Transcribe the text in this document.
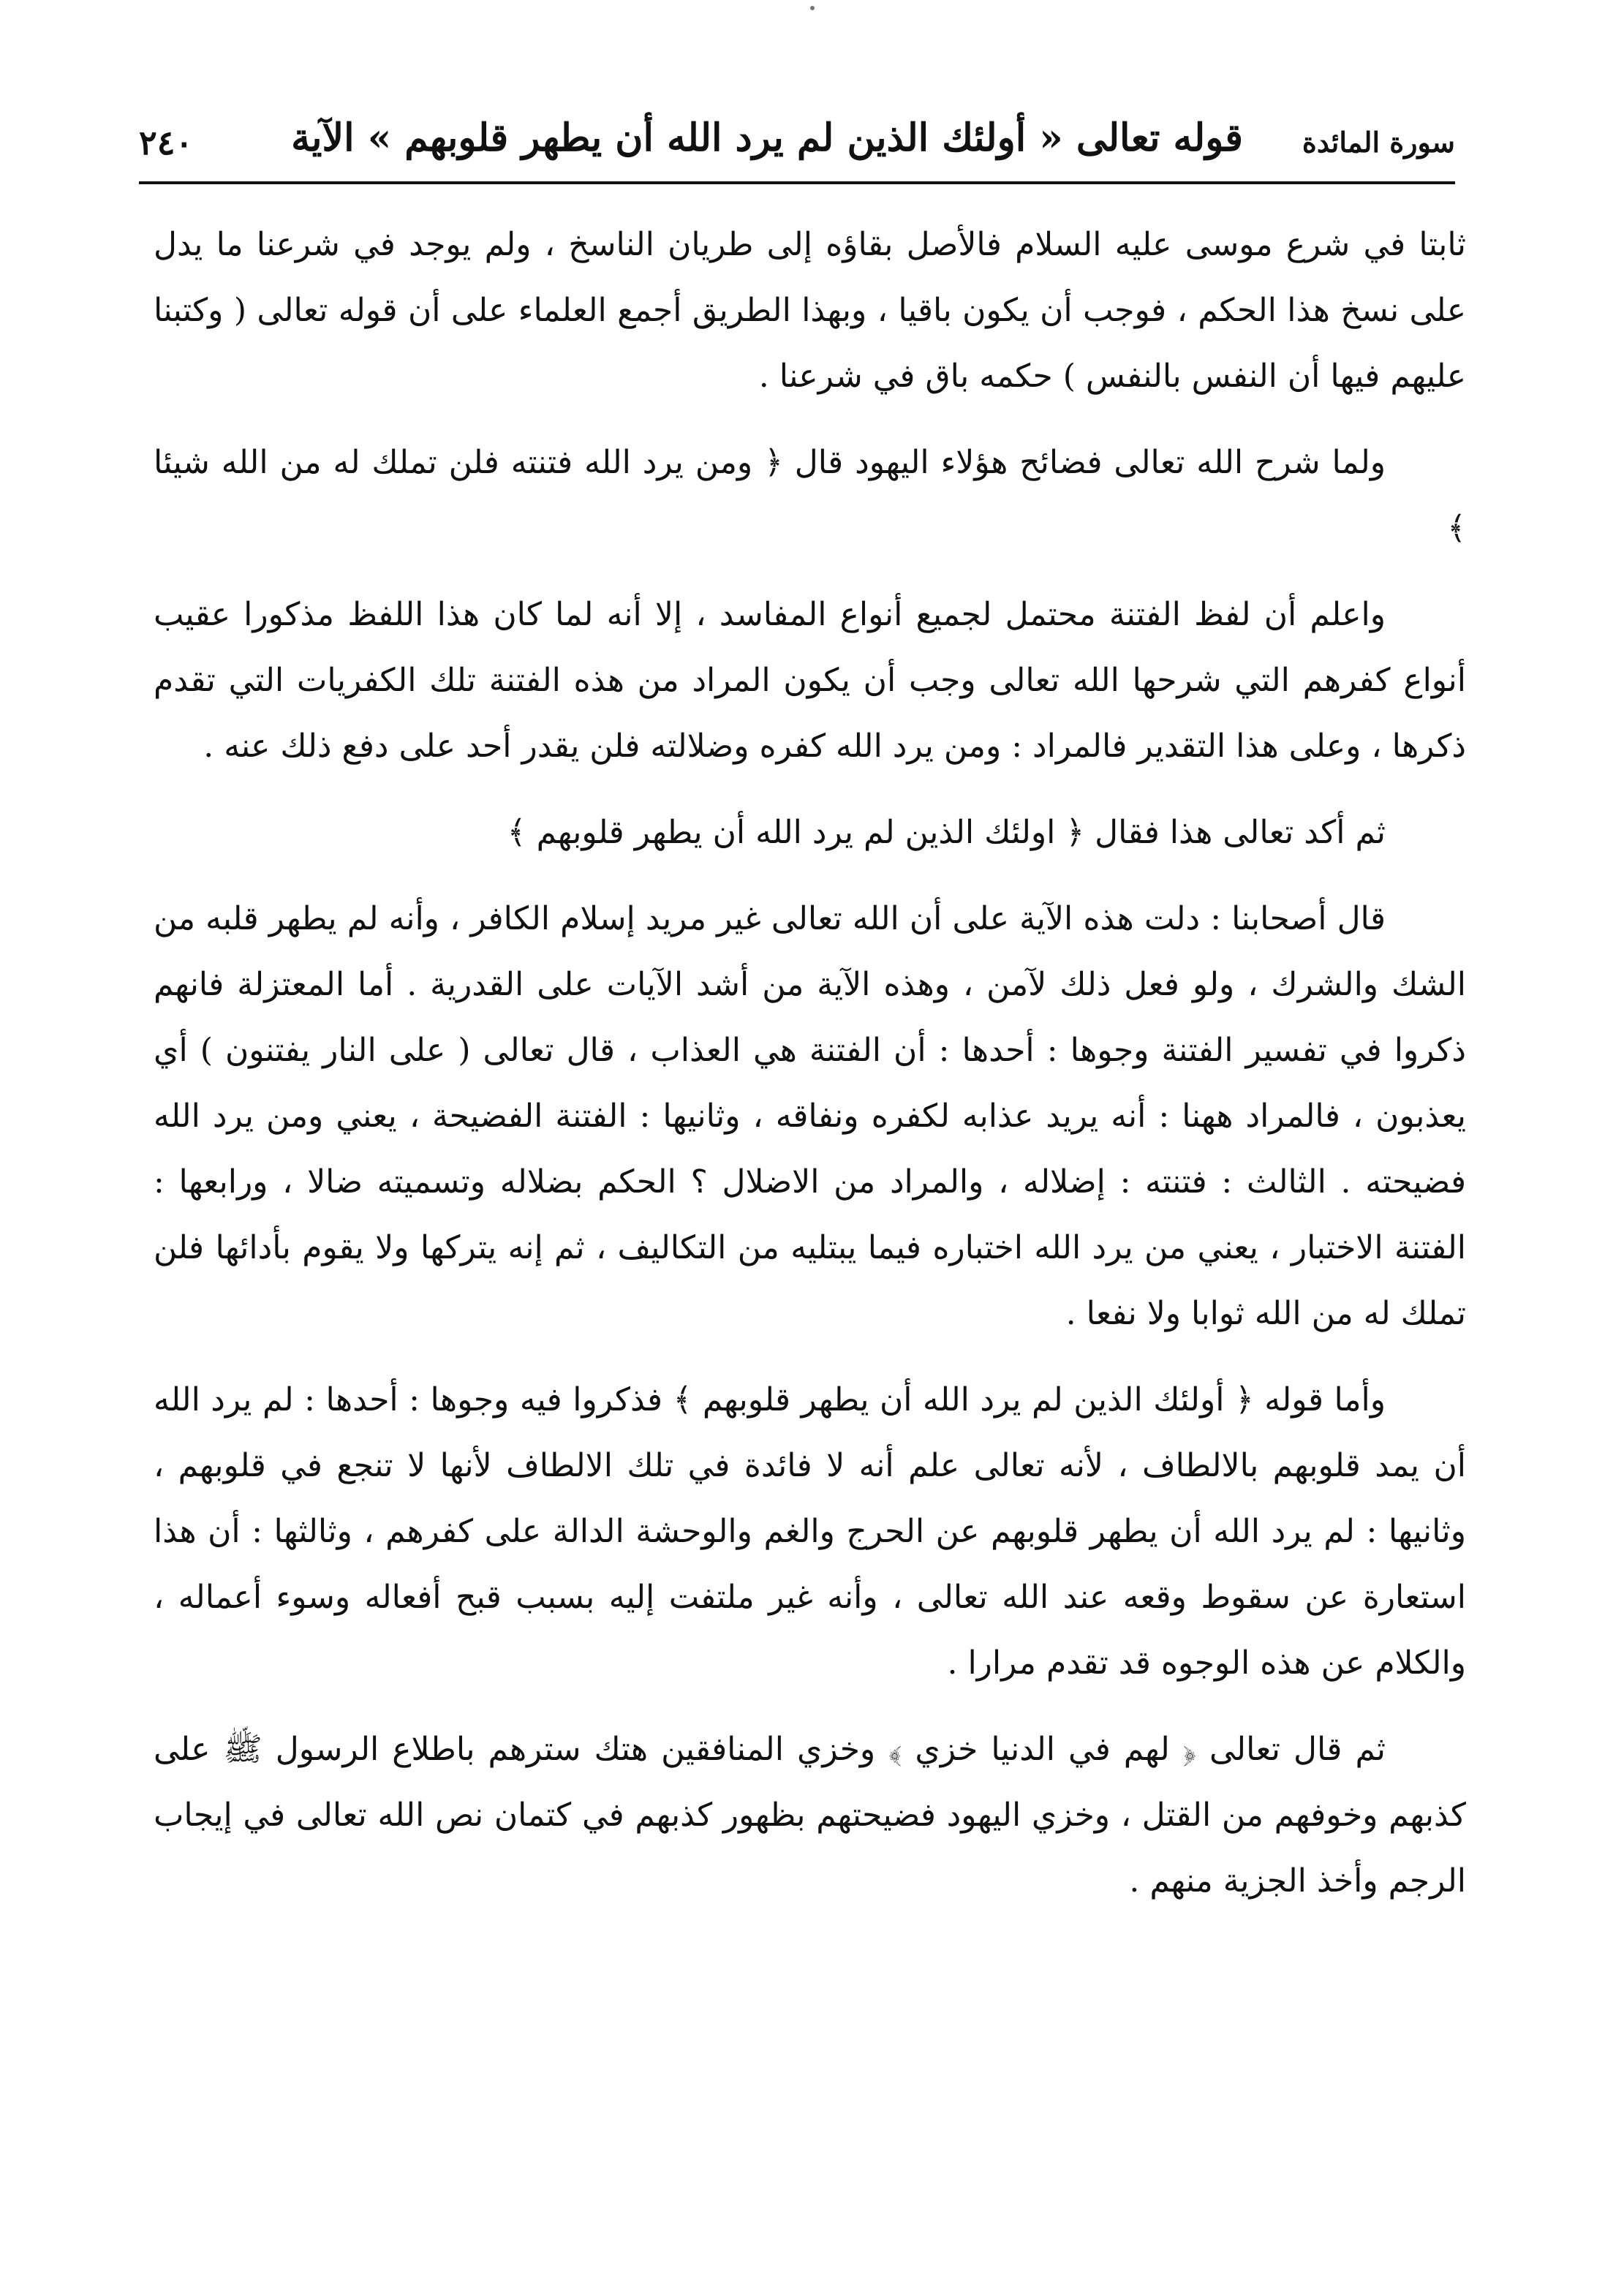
قوله تعالى « أولئك الذين لم يرد الله أن يطهر قلوبهم » الآية سورة المائدة
٢٤٠

ثابتا في شرع موسى عليه السلام فالأصل بقاؤه إلى طريان الناسخ ، ولم يوجد في شرعنا ما يدل على نسخ هذا الحكم ، فوجب أن يكون باقيا ، وبهذا الطريق أجمع العلماء على أن قوله تعالى ( وكتبنا عليهم فيها أن النفس بالنفس ) حكمه باق في شرعنا .

ولما شرح الله تعالى فضائح هؤلاء اليهود قال ﴿ ومن يرد الله فتنته فلن تملك له من الله شيئا ﴾

واعلم أن لفظ الفتنة محتمل لجميع أنواع المفاسد ، إلا أنه لما كان هذا اللفظ مذكورا عقيب أنواع كفرهم التي شرحها الله تعالى وجب أن يكون المراد من هذه الفتنة تلك الكفريات التي تقدم ذكرها ، وعلى هذا التقدير فالمراد : ومن يرد الله كفره وضلالته فلن يقدر أحد على دفع ذلك عنه .

ثم أكد تعالى هذا فقال ﴿ اولئك الذين لم يرد الله أن يطهر قلوبهم ﴾

قال أصحابنا : دلت هذه الآية على أن الله تعالى غير مريد إسلام الكافر ، وأنه لم يطهر قلبه من الشك والشرك ، ولو فعل ذلك لآمن ، وهذه الآية من أشد الآيات على القدرية . أما المعتزلة فانهم ذكروا في تفسير الفتنة وجوها : أحدها : أن الفتنة هي العذاب ، قال تعالى ( على النار يفتنون ) أي يعذبون ، فالمراد ههنا : أنه يريد عذابه لكفره ونفاقه ، وثانيها : الفتنة الفضيحة ، يعني ومن يرد الله فضيحته . الثالث : فتنته : إضلاله ، والمراد من الاضلال ؟ الحكم بضلاله وتسميته ضالا ، ورابعها : الفتنة الاختبار ، يعني من يرد الله اختباره فيما يبتليه من التكاليف ، ثم إنه يتركها ولا يقوم بأدائها فلن تملك له من الله ثوابا ولا نفعا .

وأما قوله ﴿ أولئك الذين لم يرد الله أن يطهر قلوبهم ﴾ فذكروا فيه وجوها : أحدها : لم يرد الله أن يمد قلوبهم بالالطاف ، لأنه تعالى علم أنه لا فائدة في تلك الالطاف لأنها لا تنجع في قلوبهم ، وثانيها : لم يرد الله أن يطهر قلوبهم عن الحرج والغم والوحشة الدالة على كفرهم ، وثالثها : أن هذا استعارة عن سقوط وقعه عند الله تعالى ، وأنه غير ملتفت إليه بسبب قبح أفعاله وسوء أعماله ، والكلام عن هذه الوجوه قد تقدم مرارا .

ثم قال تعالى ﴿ لهم في الدنيا خزي ﴾ وخزي المنافقين هتك سترهم باطلاع الرسول ﷺ على كذبهم وخوفهم من القتل ، وخزي اليهود فضيحتهم بظهور كذبهم في كتمان نص الله تعالى في إيجاب الرجم وأخذ الجزية منهم .
